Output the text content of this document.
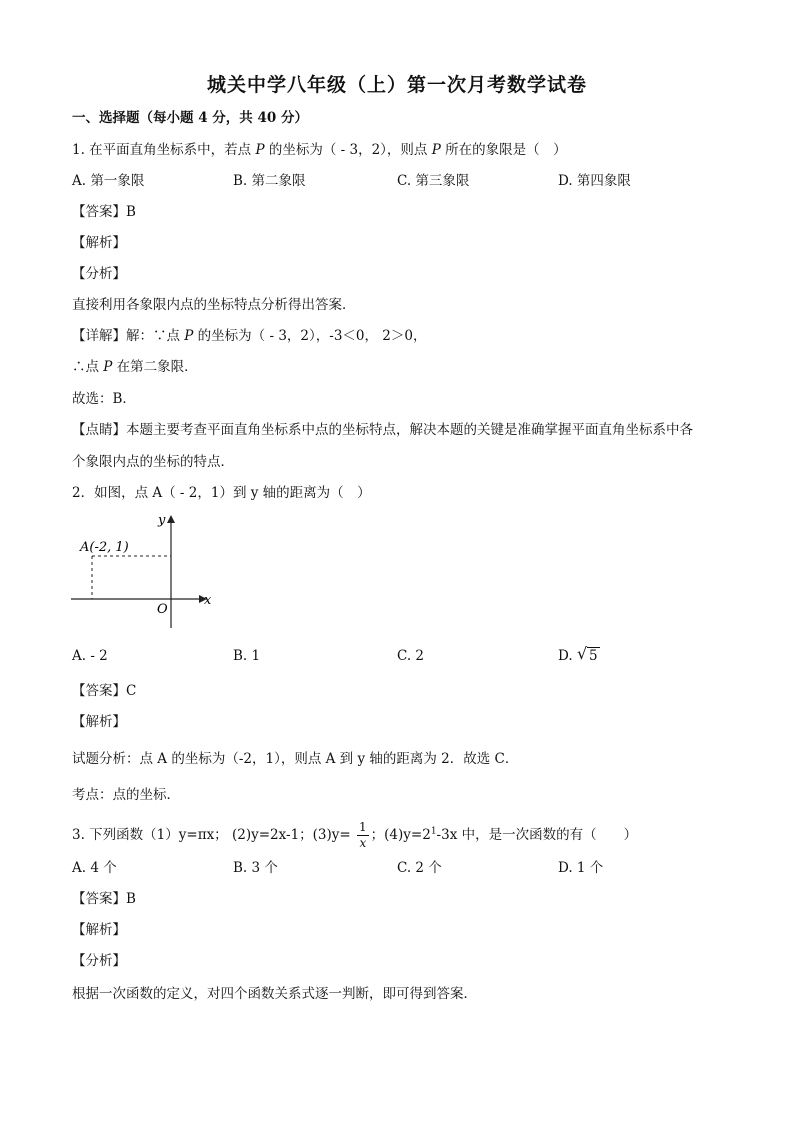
城关中学八年级（上）第一次月考数学试卷
一、选择题（每小题 4 分，共 40 分）
1. 在平面直角坐标系中，若点 P 的坐标为（ - 3，2），则点 P 所在的象限是（　）
A. 第一象限	B. 第二象限	C. 第三象限	D. 第四象限
【答案】B
【解析】
【分析】
直接利用各象限内点的坐标特点分析得出答案．
【详解】解：∵点 P 的坐标为（ - 3，2），-3＜0， 2＞0，
∴点 P 在第二象限．
故选：B．
【点睛】本题主要考查平面直角坐标系中点的坐标特点，解决本题的关键是准确掌握平面直角坐标系中各
个象限内点的坐标的特点．
2．如图，点 A（ - 2，1）到 y 轴的距离为（　）
A(-2, 1)
y
x
O
A. - 2	B. 1	C. 2	D. √ 5
【答案】C
【解析】
试题分析：点 A 的坐标为（-2，1），则点 A 到 y 轴的距离为 2．故选 C．
考点：点的坐标．
3. 下列函数（1）y=πx； (2)y=2x-1；$(3)y= \frac{1}{x}$ ；$(4)y=2^1-3x$ 中，是一次函数的有（　　）
A. 4 个	B. 3 个	C. 2 个	D. 1 个
【答案】B
【解析】
【分析】
根据一次函数的定义，对四个函数关系式逐一判断，即可得到答案．
